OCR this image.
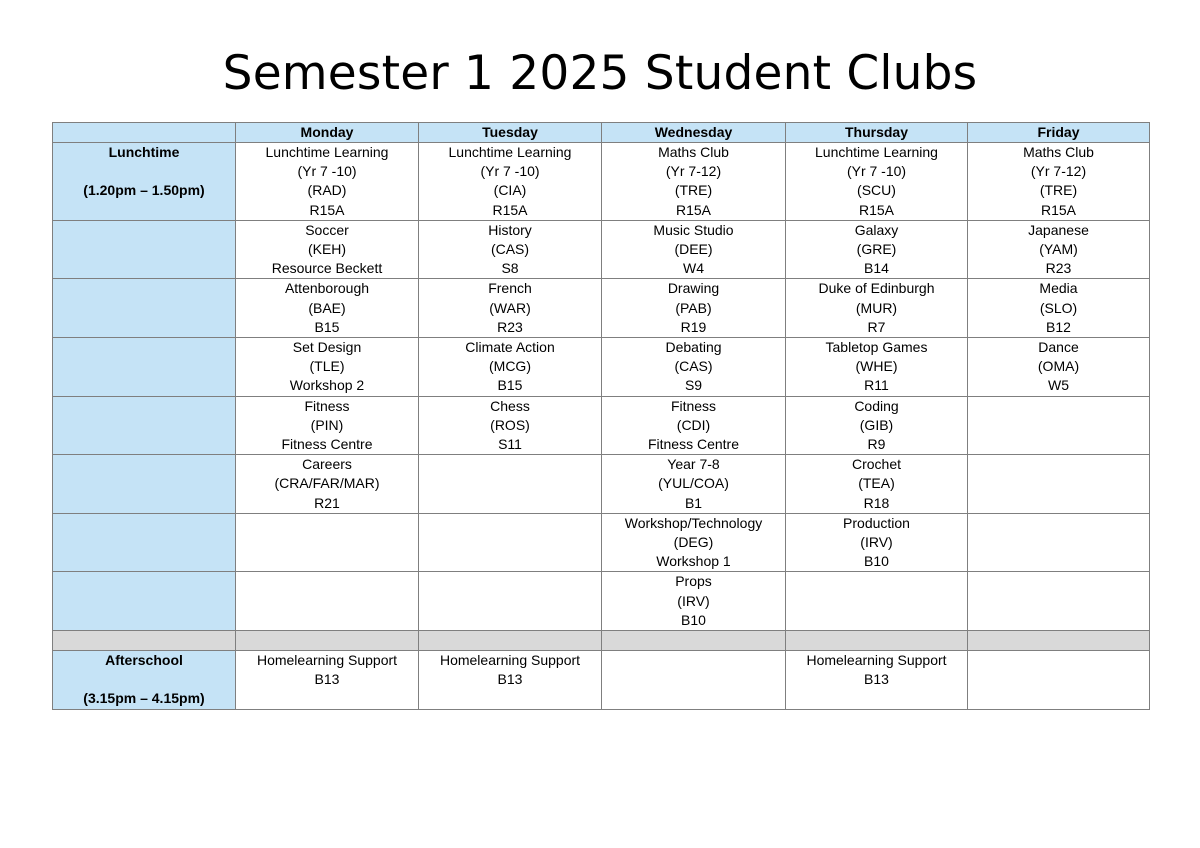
Semester 1 2025 Student Clubs
	Monday	Tuesday	Wednesday	Thursday	Friday

Lunchtime

(1.20pm – 1.50pm)	Lunchtime Learning
(Yr 7 -10)
(RAD)
R15A	Lunchtime Learning
(Yr 7 -10)
(CIA)
R15A	Maths Club
(Yr 7-12)
(TRE)
R15A	Lunchtime Learning
(Yr 7 -10)
(SCU)
R15A	Maths Club
(Yr 7-12)
(TRE)
R15A

	Soccer
(KEH)
Resource Beckett	History
(CAS)
S8	Music Studio
(DEE)
W4	Galaxy
(GRE)
B14	Japanese
(YAM)
R23

	Attenborough
(BAE)
B15	French
(WAR)
R23	Drawing
(PAB)
R19	Duke of Edinburgh
(MUR)
R7	Media
(SLO)
B12

	Set Design
(TLE)
Workshop 2	Climate Action
(MCG)
B15	Debating
(CAS)
S9	Tabletop Games
(WHE)
R11	Dance
(OMA)
W5

	Fitness
(PIN)
Fitness Centre	Chess
(ROS)
S11	Fitness
(CDI)
Fitness Centre	Coding
(GIB)
R9	

	Careers
(CRA/FAR/MAR)
R21		Year 7-8
(YUL/COA)
B1	Crochet
(TEA)
R18	

			Workshop/Technology
(DEG)
Workshop 1	Production
(IRV)
B10	

			Props
(IRV)
B10		

Afterschool

(3.15pm – 4.15pm)	Homelearning Support
B13	Homelearning Support
B13		Homelearning Support
B13	
